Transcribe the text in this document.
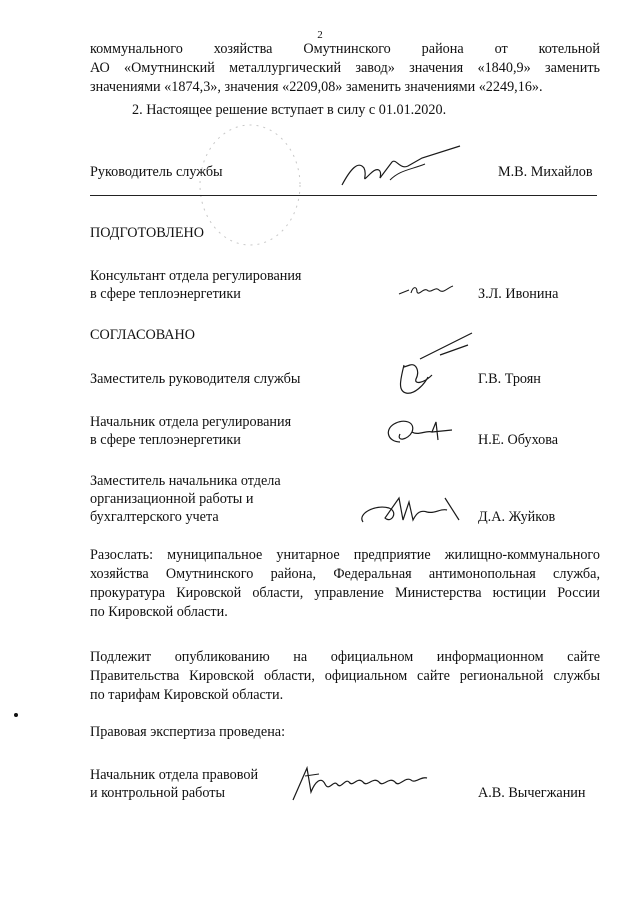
2
коммунального хозяйства Омутнинского района от котельной
АО «Омутнинский металлургический завод» значения «1840,9» заменить
значениями «1874,3», значения «2209,08» заменить значениями «2249,16».
2. Настоящее решение вступает в силу с 01.01.2020.
Руководитель службы	М.В. Михайлов
ПОДГОТОВЛЕНО
Консультант отдела регулирования
в сфере теплоэнергетики	З.Л. Ивонина
СОГЛАСОВАНО
Заместитель руководителя службы	Г.В. Троян
Начальник отдела регулирования
в сфере теплоэнергетики	Н.Е. Обухова
Заместитель начальника отдела
организационной работы и
бухгалтерского учета	Д.А. Жуйков
Разослать: муниципальное унитарное предприятие жилищно-коммунального
хозяйства Омутнинского района, Федеральная антимонопольная служба,
прокуратура Кировской области, управление Министерства юстиции России
по Кировской области.
Подлежит опубликованию на официальном информационном сайте
Правительства Кировской области, официальном сайте региональной службы
по тарифам Кировской области.
Правовая экспертиза проведена:
Начальник отдела правовой
и контрольной работы	А.В. Вычегжанин
